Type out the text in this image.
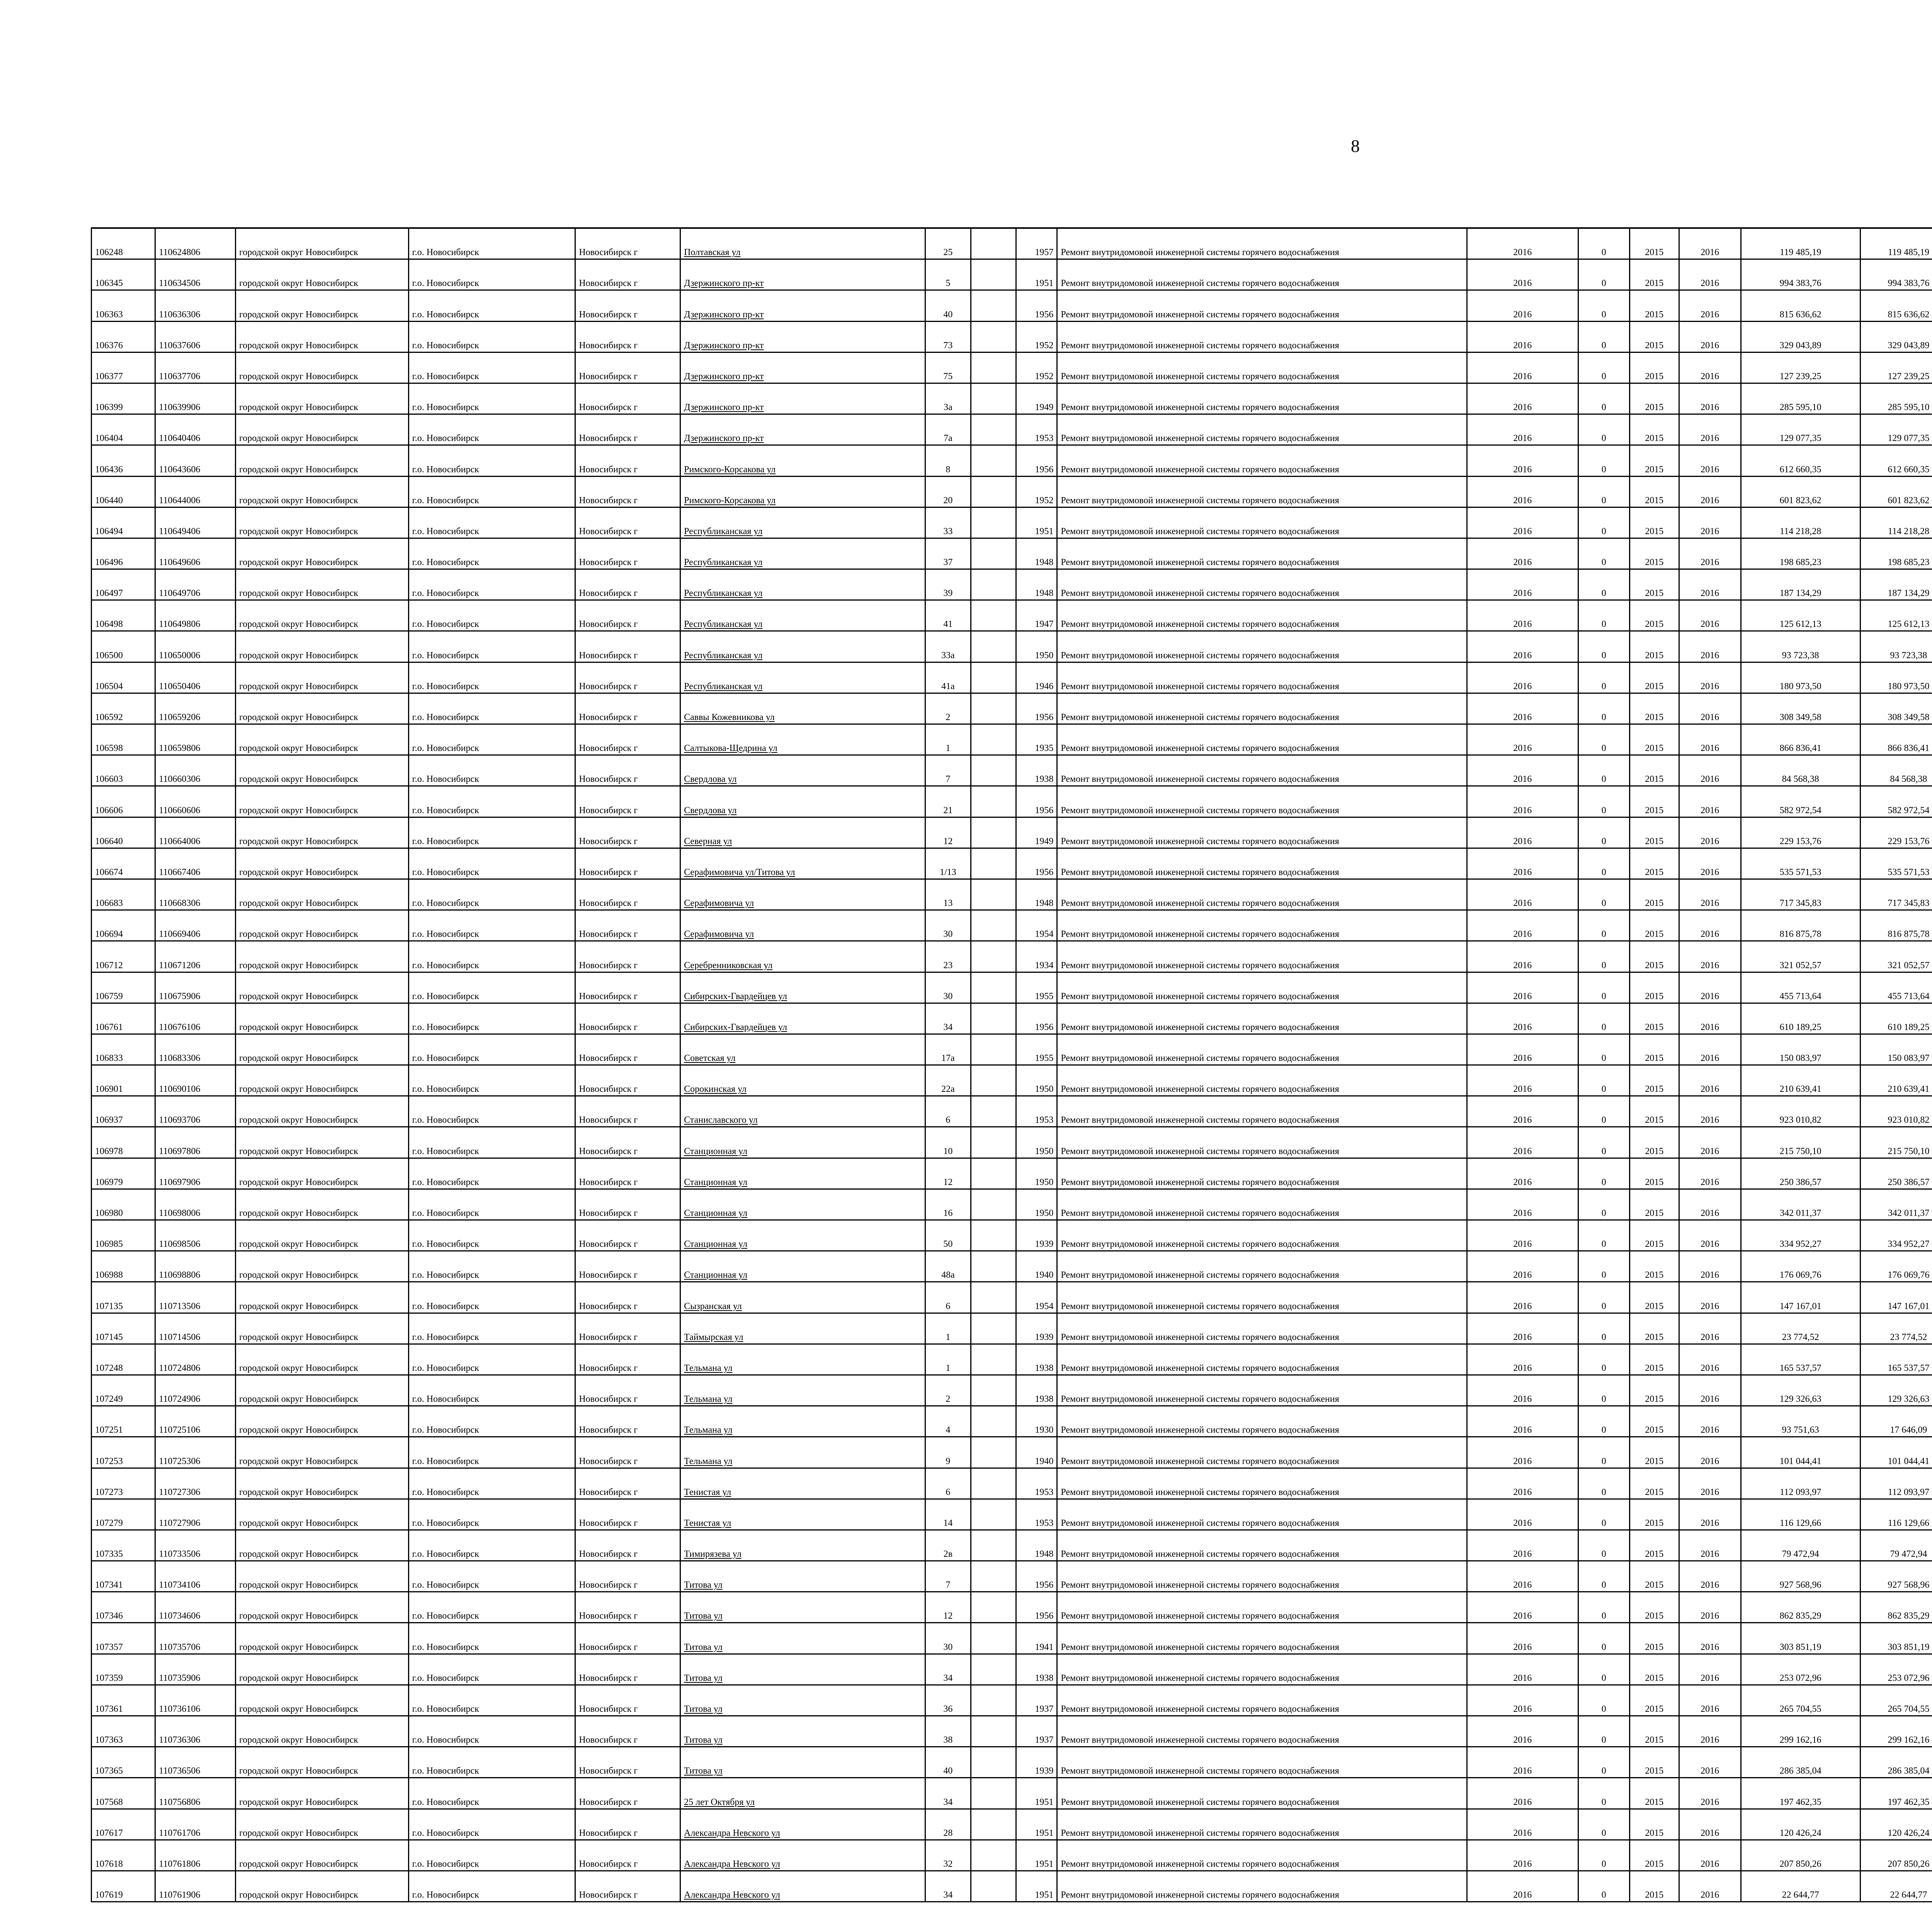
8
106248	110624806	городской округ Новосибирск	г.о. Новосибирск	Новосибирск г	Полтавская ул	25		1957	Ремонт внутридомовой инженерной системы горячего водоснабжения	2016	0	2015	2016	119 485,19	119 485,19						
106345	110634506	городской округ Новосибирск	г.о. Новосибирск	Новосибирск г	Дзержинского пр-кт	5		1951	Ремонт внутридомовой инженерной системы горячего водоснабжения	2016	0	2015	2016	994 383,76	994 383,76						
106363	110636306	городской округ Новосибирск	г.о. Новосибирск	Новосибирск г	Дзержинского пр-кт	40		1956	Ремонт внутридомовой инженерной системы горячего водоснабжения	2016	0	2015	2016	815 636,62	815 636,62						
106376	110637606	городской округ Новосибирск	г.о. Новосибирск	Новосибирск г	Дзержинского пр-кт	73		1952	Ремонт внутридомовой инженерной системы горячего водоснабжения	2016	0	2015	2016	329 043,89	329 043,89						
106377	110637706	городской округ Новосибирск	г.о. Новосибирск	Новосибирск г	Дзержинского пр-кт	75		1952	Ремонт внутридомовой инженерной системы горячего водоснабжения	2016	0	2015	2016	127 239,25	127 239,25						
106399	110639906	городской округ Новосибирск	г.о. Новосибирск	Новосибирск г	Дзержинского пр-кт	3а		1949	Ремонт внутридомовой инженерной системы горячего водоснабжения	2016	0	2015	2016	285 595,10	285 595,10						
106404	110640406	городской округ Новосибирск	г.о. Новосибирск	Новосибирск г	Дзержинского пр-кт	7а		1953	Ремонт внутридомовой инженерной системы горячего водоснабжения	2016	0	2015	2016	129 077,35	129 077,35						
106436	110643606	городской округ Новосибирск	г.о. Новосибирск	Новосибирск г	Римского-Корсакова ул	8		1956	Ремонт внутридомовой инженерной системы горячего водоснабжения	2016	0	2015	2016	612 660,35	612 660,35						
106440	110644006	городской округ Новосибирск	г.о. Новосибирск	Новосибирск г	Римского-Корсакова ул	20		1952	Ремонт внутридомовой инженерной системы горячего водоснабжения	2016	0	2015	2016	601 823,62	601 823,62						
106494	110649406	городской округ Новосибирск	г.о. Новосибирск	Новосибирск г	Республиканская ул	33		1951	Ремонт внутридомовой инженерной системы горячего водоснабжения	2016	0	2015	2016	114 218,28	114 218,28						
106496	110649606	городской округ Новосибирск	г.о. Новосибирск	Новосибирск г	Республиканская ул	37		1948	Ремонт внутридомовой инженерной системы горячего водоснабжения	2016	0	2015	2016	198 685,23	198 685,23						
106497	110649706	городской округ Новосибирск	г.о. Новосибирск	Новосибирск г	Республиканская ул	39		1948	Ремонт внутридомовой инженерной системы горячего водоснабжения	2016	0	2015	2016	187 134,29	187 134,29						
106498	110649806	городской округ Новосибирск	г.о. Новосибирск	Новосибирск г	Республиканская ул	41		1947	Ремонт внутридомовой инженерной системы горячего водоснабжения	2016	0	2015	2016	125 612,13	125 612,13						
106500	110650006	городской округ Новосибирск	г.о. Новосибирск	Новосибирск г	Республиканская ул	33а		1950	Ремонт внутридомовой инженерной системы горячего водоснабжения	2016	0	2015	2016	93 723,38	93 723,38						
106504	110650406	городской округ Новосибирск	г.о. Новосибирск	Новосибирск г	Республиканская ул	41а		1946	Ремонт внутридомовой инженерной системы горячего водоснабжения	2016	0	2015	2016	180 973,50	180 973,50						
106592	110659206	городской округ Новосибирск	г.о. Новосибирск	Новосибирск г	Саввы Кожевникова ул	2		1956	Ремонт внутридомовой инженерной системы горячего водоснабжения	2016	0	2015	2016	308 349,58	308 349,58						
106598	110659806	городской округ Новосибирск	г.о. Новосибирск	Новосибирск г	Салтыкова-Щедрина ул	1		1935	Ремонт внутридомовой инженерной системы горячего водоснабжения	2016	0	2015	2016	866 836,41	866 836,41						
106603	110660306	городской округ Новосибирск	г.о. Новосибирск	Новосибирск г	Свердлова ул	7		1938	Ремонт внутридомовой инженерной системы горячего водоснабжения	2016	0	2015	2016	84 568,38	84 568,38						
106606	110660606	городской округ Новосибирск	г.о. Новосибирск	Новосибирск г	Свердлова ул	21		1956	Ремонт внутридомовой инженерной системы горячего водоснабжения	2016	0	2015	2016	582 972,54	582 972,54						
106640	110664006	городской округ Новосибирск	г.о. Новосибирск	Новосибирск г	Северная ул	12		1949	Ремонт внутридомовой инженерной системы горячего водоснабжения	2016	0	2015	2016	229 153,76	229 153,76						
106674	110667406	городской округ Новосибирск	г.о. Новосибирск	Новосибирск г	Серафимовича ул/Титова ул	1/13		1956	Ремонт внутридомовой инженерной системы горячего водоснабжения	2016	0	2015	2016	535 571,53	535 571,53						
106683	110668306	городской округ Новосибирск	г.о. Новосибирск	Новосибирск г	Серафимовича ул	13		1948	Ремонт внутридомовой инженерной системы горячего водоснабжения	2016	0	2015	2016	717 345,83	717 345,83						
106694	110669406	городской округ Новосибирск	г.о. Новосибирск	Новосибирск г	Серафимовича ул	30		1954	Ремонт внутридомовой инженерной системы горячего водоснабжения	2016	0	2015	2016	816 875,78	816 875,78						
106712	110671206	городской округ Новосибирск	г.о. Новосибирск	Новосибирск г	Серебренниковская ул	23		1934	Ремонт внутридомовой инженерной системы горячего водоснабжения	2016	0	2015	2016	321 052,57	321 052,57						
106759	110675906	городской округ Новосибирск	г.о. Новосибирск	Новосибирск г	Сибирских-Гвардейцев ул	30		1955	Ремонт внутридомовой инженерной системы горячего водоснабжения	2016	0	2015	2016	455 713,64	455 713,64						
106761	110676106	городской округ Новосибирск	г.о. Новосибирск	Новосибирск г	Сибирских-Гвардейцев ул	34		1956	Ремонт внутридомовой инженерной системы горячего водоснабжения	2016	0	2015	2016	610 189,25	610 189,25						
106833	110683306	городской округ Новосибирск	г.о. Новосибирск	Новосибирск г	Советская ул	17а		1955	Ремонт внутридомовой инженерной системы горячего водоснабжения	2016	0	2015	2016	150 083,97	150 083,97						
106901	110690106	городской округ Новосибирск	г.о. Новосибирск	Новосибирск г	Сорокинская ул	22а		1950	Ремонт внутридомовой инженерной системы горячего водоснабжения	2016	0	2015	2016	210 639,41	210 639,41						
106937	110693706	городской округ Новосибирск	г.о. Новосибирск	Новосибирск г	Станиславского ул	6		1953	Ремонт внутридомовой инженерной системы горячего водоснабжения	2016	0	2015	2016	923 010,82	923 010,82						
106978	110697806	городской округ Новосибирск	г.о. Новосибирск	Новосибирск г	Станционная ул	10		1950	Ремонт внутридомовой инженерной системы горячего водоснабжения	2016	0	2015	2016	215 750,10	215 750,10						
106979	110697906	городской округ Новосибирск	г.о. Новосибирск	Новосибирск г	Станционная ул	12		1950	Ремонт внутридомовой инженерной системы горячего водоснабжения	2016	0	2015	2016	250 386,57	250 386,57						
106980	110698006	городской округ Новосибирск	г.о. Новосибирск	Новосибирск г	Станционная ул	16		1950	Ремонт внутридомовой инженерной системы горячего водоснабжения	2016	0	2015	2016	342 011,37	342 011,37						
106985	110698506	городской округ Новосибирск	г.о. Новосибирск	Новосибирск г	Станционная ул	50		1939	Ремонт внутридомовой инженерной системы горячего водоснабжения	2016	0	2015	2016	334 952,27	334 952,27						
106988	110698806	городской округ Новосибирск	г.о. Новосибирск	Новосибирск г	Станционная ул	48а		1940	Ремонт внутридомовой инженерной системы горячего водоснабжения	2016	0	2015	2016	176 069,76	176 069,76						
107135	110713506	городской округ Новосибирск	г.о. Новосибирск	Новосибирск г	Сызранская ул	6		1954	Ремонт внутридомовой инженерной системы горячего водоснабжения	2016	0	2015	2016	147 167,01	147 167,01						
107145	110714506	городской округ Новосибирск	г.о. Новосибирск	Новосибирск г	Таймырская ул	1		1939	Ремонт внутридомовой инженерной системы горячего водоснабжения	2016	0	2015	2016	23 774,52	23 774,52						
107248	110724806	городской округ Новосибирск	г.о. Новосибирск	Новосибирск г	Тельмана ул	1		1938	Ремонт внутридомовой инженерной системы горячего водоснабжения	2016	0	2015	2016	165 537,57	165 537,57						
107249	110724906	городской округ Новосибирск	г.о. Новосибирск	Новосибирск г	Тельмана ул	2		1938	Ремонт внутридомовой инженерной системы горячего водоснабжения	2016	0	2015	2016	129 326,63	129 326,63						
107251	110725106	городской округ Новосибирск	г.о. Новосибирск	Новосибирск г	Тельмана ул	4		1930	Ремонт внутридомовой инженерной системы горячего водоснабжения	2016	0	2015	2016	93 751,63	17 646,09						
107253	110725306	городской округ Новосибирск	г.о. Новосибирск	Новосибирск г	Тельмана ул	9		1940	Ремонт внутридомовой инженерной системы горячего водоснабжения	2016	0	2015	2016	101 044,41	101 044,41						
107273	110727306	городской округ Новосибирск	г.о. Новосибирск	Новосибирск г	Тенистая ул	6		1953	Ремонт внутридомовой инженерной системы горячего водоснабжения	2016	0	2015	2016	112 093,97	112 093,97						
107279	110727906	городской округ Новосибирск	г.о. Новосибирск	Новосибирск г	Тенистая ул	14		1953	Ремонт внутридомовой инженерной системы горячего водоснабжения	2016	0	2015	2016	116 129,66	116 129,66						
107335	110733506	городской округ Новосибирск	г.о. Новосибирск	Новосибирск г	Тимирязева ул	2в		1948	Ремонт внутридомовой инженерной системы горячего водоснабжения	2016	0	2015	2016	79 472,94	79 472,94						
107341	110734106	городской округ Новосибирск	г.о. Новосибирск	Новосибирск г	Титова ул	7		1956	Ремонт внутридомовой инженерной системы горячего водоснабжения	2016	0	2015	2016	927 568,96	927 568,96						
107346	110734606	городской округ Новосибирск	г.о. Новосибирск	Новосибирск г	Титова ул	12		1956	Ремонт внутридомовой инженерной системы горячего водоснабжения	2016	0	2015	2016	862 835,29	862 835,29						
107357	110735706	городской округ Новосибирск	г.о. Новосибирск	Новосибирск г	Титова ул	30		1941	Ремонт внутридомовой инженерной системы горячего водоснабжения	2016	0	2015	2016	303 851,19	303 851,19						
107359	110735906	городской округ Новосибирск	г.о. Новосибирск	Новосибирск г	Титова ул	34		1938	Ремонт внутридомовой инженерной системы горячего водоснабжения	2016	0	2015	2016	253 072,96	253 072,96						
107361	110736106	городской округ Новосибирск	г.о. Новосибирск	Новосибирск г	Титова ул	36		1937	Ремонт внутридомовой инженерной системы горячего водоснабжения	2016	0	2015	2016	265 704,55	265 704,55						
107363	110736306	городской округ Новосибирск	г.о. Новосибирск	Новосибирск г	Титова ул	38		1937	Ремонт внутридомовой инженерной системы горячего водоснабжения	2016	0	2015	2016	299 162,16	299 162,16						
107365	110736506	городской округ Новосибирск	г.о. Новосибирск	Новосибирск г	Титова ул	40		1939	Ремонт внутридомовой инженерной системы горячего водоснабжения	2016	0	2015	2016	286 385,04	286 385,04						
107568	110756806	городской округ Новосибирск	г.о. Новосибирск	Новосибирск г	25 лет Октября ул	34		1951	Ремонт внутридомовой инженерной системы горячего водоснабжения	2016	0	2015	2016	197 462,35	197 462,35						
107617	110761706	городской округ Новосибирск	г.о. Новосибирск	Новосибирск г	Александра Невского ул	28		1951	Ремонт внутридомовой инженерной системы горячего водоснабжения	2016	0	2015	2016	120 426,24	120 426,24						
107618	110761806	городской округ Новосибирск	г.о. Новосибирск	Новосибирск г	Александра Невского ул	32		1951	Ремонт внутридомовой инженерной системы горячего водоснабжения	2016	0	2015	2016	207 850,26	207 850,26						
107619	110761906	городской округ Новосибирск	г.о. Новосибирск	Новосибирск г	Александра Невского ул	34		1951	Ремонт внутридомовой инженерной системы горячего водоснабжения	2016	0	2015	2016	22 644,77	22 644,77						
